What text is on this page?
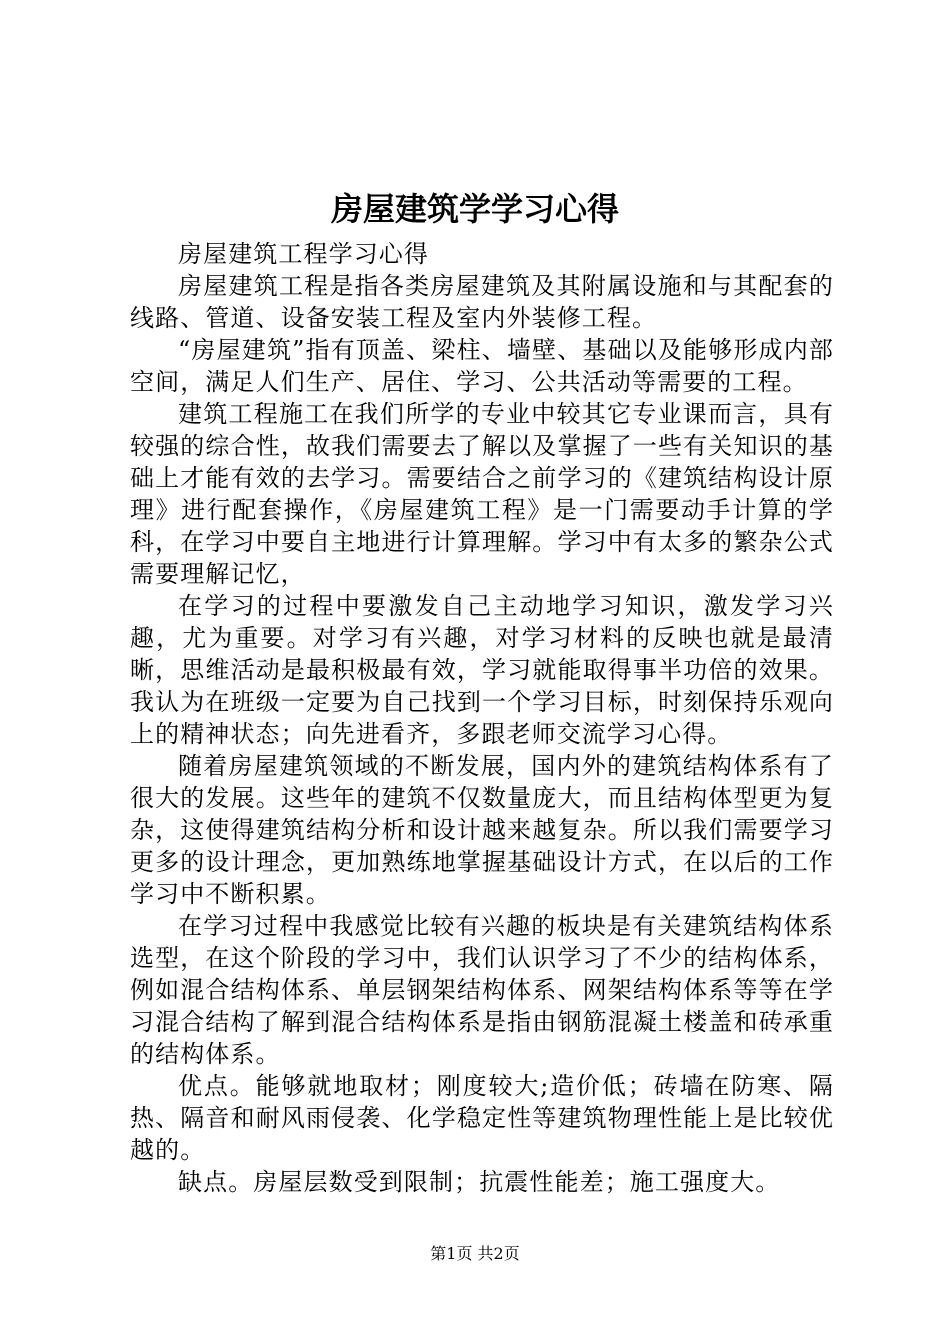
房屋建筑学学习心得

房屋建筑工程学习心得

房屋建筑工程是指各类房屋建筑及其附属设施和与其配套的线路、管道、设备安装工程及室内外装修工程。

“房屋建筑”指有顶盖、梁柱、墙壁、基础以及能够形成内部空间，满足人们生产、居住、学习、公共活动等需要的工程。

建筑工程施工在我们所学的专业中较其它专业课而言，具有较强的综合性，故我们需要去了解以及掌握了一些有关知识的基础上才能有效的去学习。需要结合之前学习的《建筑结构设计原理》进行配套操作，《房屋建筑工程》是一门需要动手计算的学科，在学习中要自主地进行计算理解。学习中有太多的繁杂公式需要理解记忆，

在学习的过程中要激发自己主动地学习知识，激发学习兴趣，尤为重要。对学习有兴趣，对学习材料的反映也就是最清晰，思维活动是最积极最有效，学习就能取得事半功倍的效果。我认为在班级一定要为自己找到一个学习目标，时刻保持乐观向上的精神状态；向先进看齐，多跟老师交流学习心得。

随着房屋建筑领域的不断发展，国内外的建筑结构体系有了很大的发展。这些年的建筑不仅数量庞大，而且结构体型更为复杂，这使得建筑结构分析和设计越来越复杂。所以我们需要学习更多的设计理念，更加熟练地掌握基础设计方式，在以后的工作学习中不断积累。

在学习过程中我感觉比较有兴趣的板块是有关建筑结构体系选型，在这个阶段的学习中，我们认识学习了不少的结构体系，例如混合结构体系、单层钢架结构体系、网架结构体系等等在学习混合结构了解到混合结构体系是指由钢筋混凝土楼盖和砖承重的结构体系。

优点。能够就地取材；刚度较大;造价低；砖墙在防寒、隔热、隔音和耐风雨侵袭、化学稳定性等建筑物理性能上是比较优越的。

缺点。房屋层数受到限制；抗震性能差；施工强度大。

第1页 共2页
